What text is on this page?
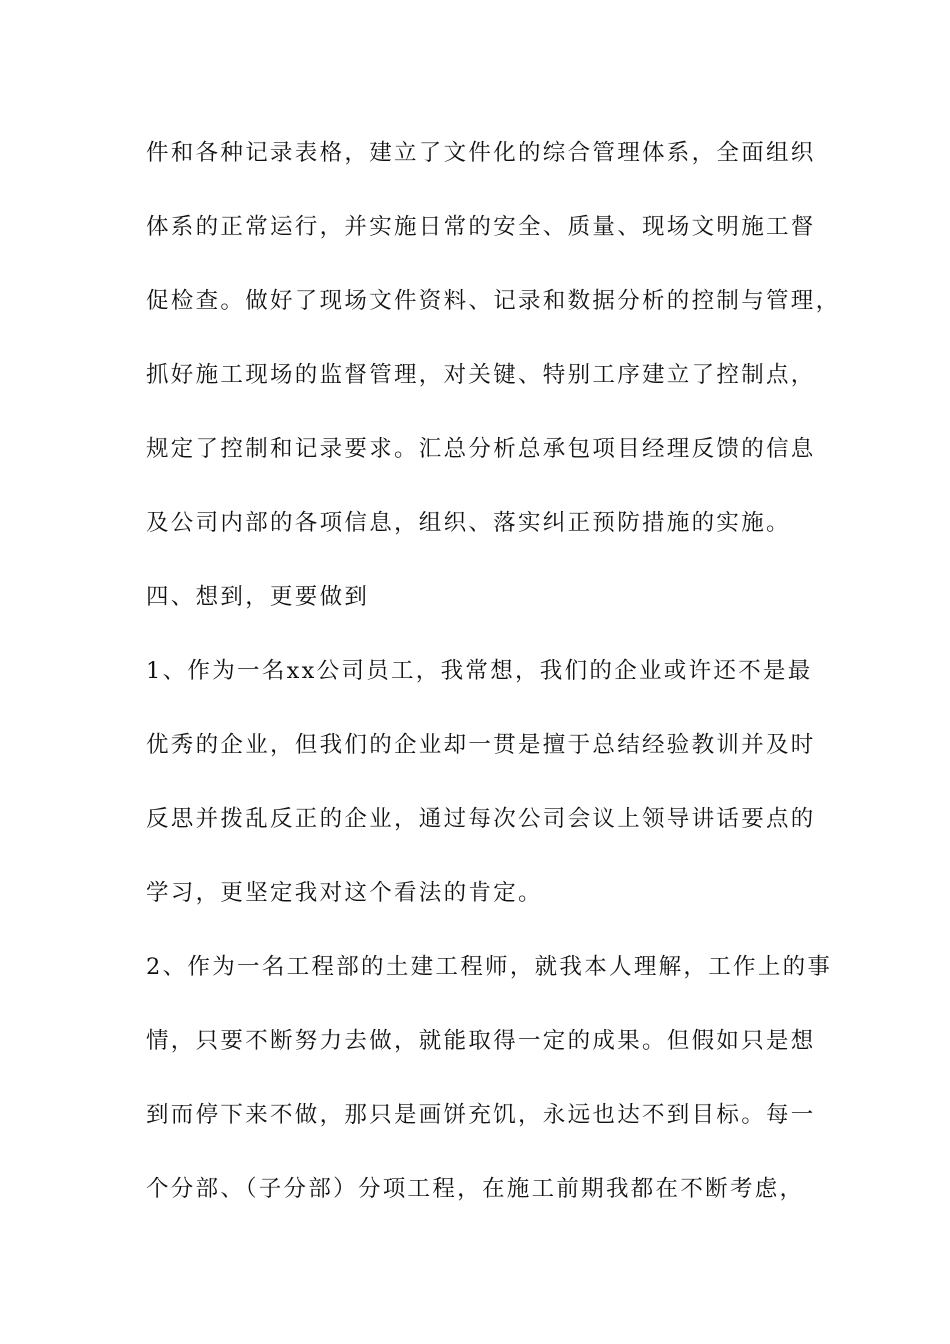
件和各种记录表格，建立了文件化的综合管理体系，全面组织
体系的正常运行，并实施日常的安全、质量、现场文明施工督
促检查。做好了现场文件资料、记录和数据分析的控制与管理，
抓好施工现场的监督管理，对关键、特别工序建立了控制点，
规定了控制和记录要求。汇总分析总承包项目经理反馈的信息
及公司内部的各项信息，组织、落实纠正预防措施的实施。
四、想到，更要做到
1、作为一名xx公司员工，我常想，我们的企业或许还不是最
优秀的企业，但我们的企业却一贯是擅于总结经验教训并及时
反思并拨乱反正的企业，通过每次公司会议上领导讲话要点的
学习，更坚定我对这个看法的肯定。
2、作为一名工程部的土建工程师，就我本人理解，工作上的事
情，只要不断努力去做，就能取得一定的成果。但假如只是想
到而停下来不做，那只是画饼充饥，永远也达不到目标。每一
个分部、（子分部）分项工程，在施工前期我都在不断考虑，
